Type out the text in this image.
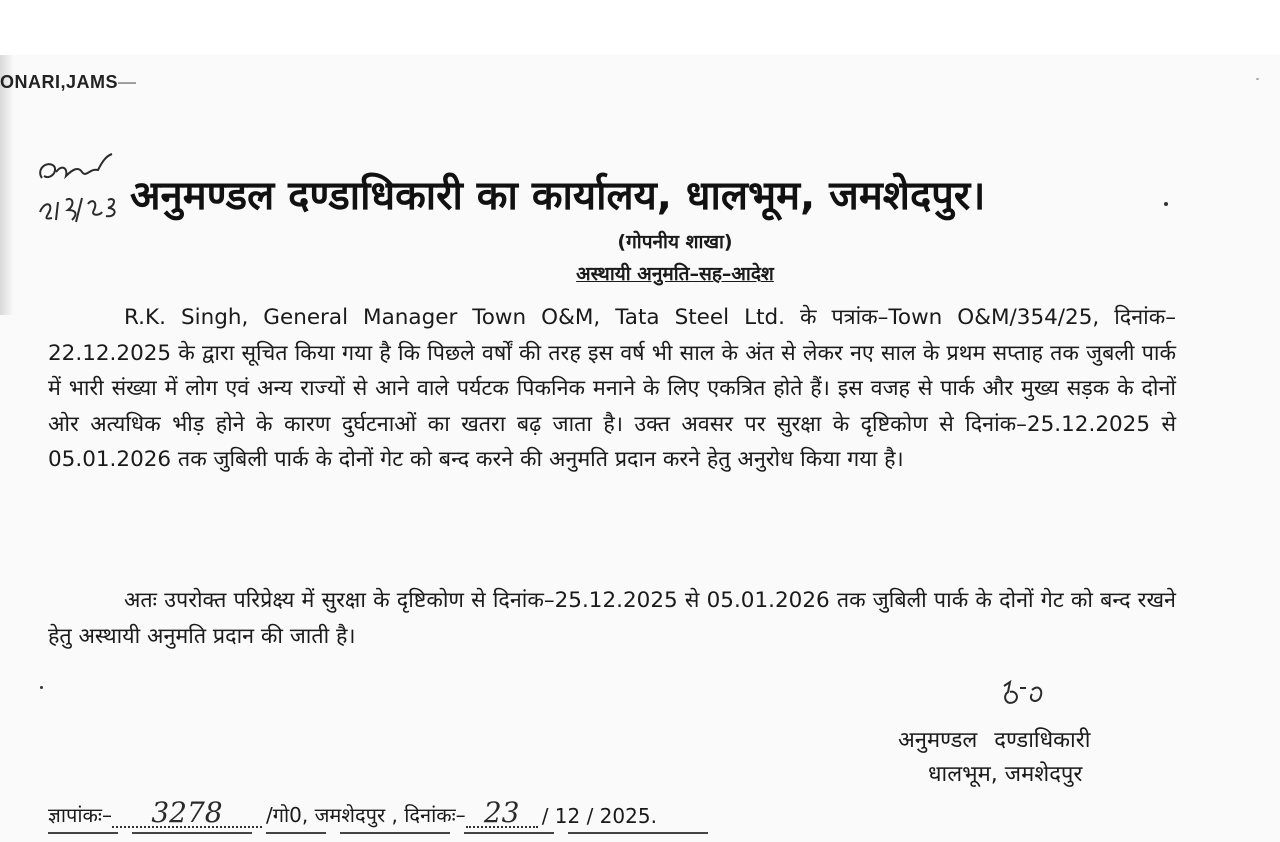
ONARI,JAMS—
अनुमण्डल दण्डाधिकारी का कार्यालय, धालभूम, जमशेदपुर।
(गोपनीय शाखा)
अस्थायी अनुमति–सह–आदेश

R.K. Singh, General Manager Town O&M, Tata Steel Ltd. के पत्रांक–Town O&M/354/25, दिनांक–22.12.2025 के द्वारा सूचित किया गया है कि पिछले वर्षों की तरह इस वर्ष भी साल के अंत से लेकर नए साल के प्रथम सप्ताह तक जुबली पार्क में भारी संख्या में लोग एवं अन्य राज्यों से आने वाले पर्यटक पिकनिक मनाने के लिए एकत्रित होते हैं। इस वजह से पार्क और मुख्य सड़क के दोनों ओर अत्यधिक भीड़ होने के कारण दुर्घटनाओं का खतरा बढ़ जाता है। उक्त अवसर पर सुरक्षा के दृष्टिकोण से दिनांक–25.12.2025 से 05.01.2026 तक जुबिली पार्क के दोनों गेट को बन्द करने की अनुमति प्रदान करने हेतु अनुरोध किया गया है।

अतः उपरोक्त परिप्रेक्ष्य में सुरक्षा के दृष्टिकोण से दिनांक–25.12.2025 से 05.01.2026 तक जुबिली पार्क के दोनों गेट को बन्द रखने हेतु अस्थायी अनुमति प्रदान की जाती है।

अनुमण्डल दण्डाधिकारी
धालभूम, जमशेदपुर
ज्ञापांकः–	3278	/गो0, जमशेदपुर , दिनांकः– 23	/ 12 / 2025.
